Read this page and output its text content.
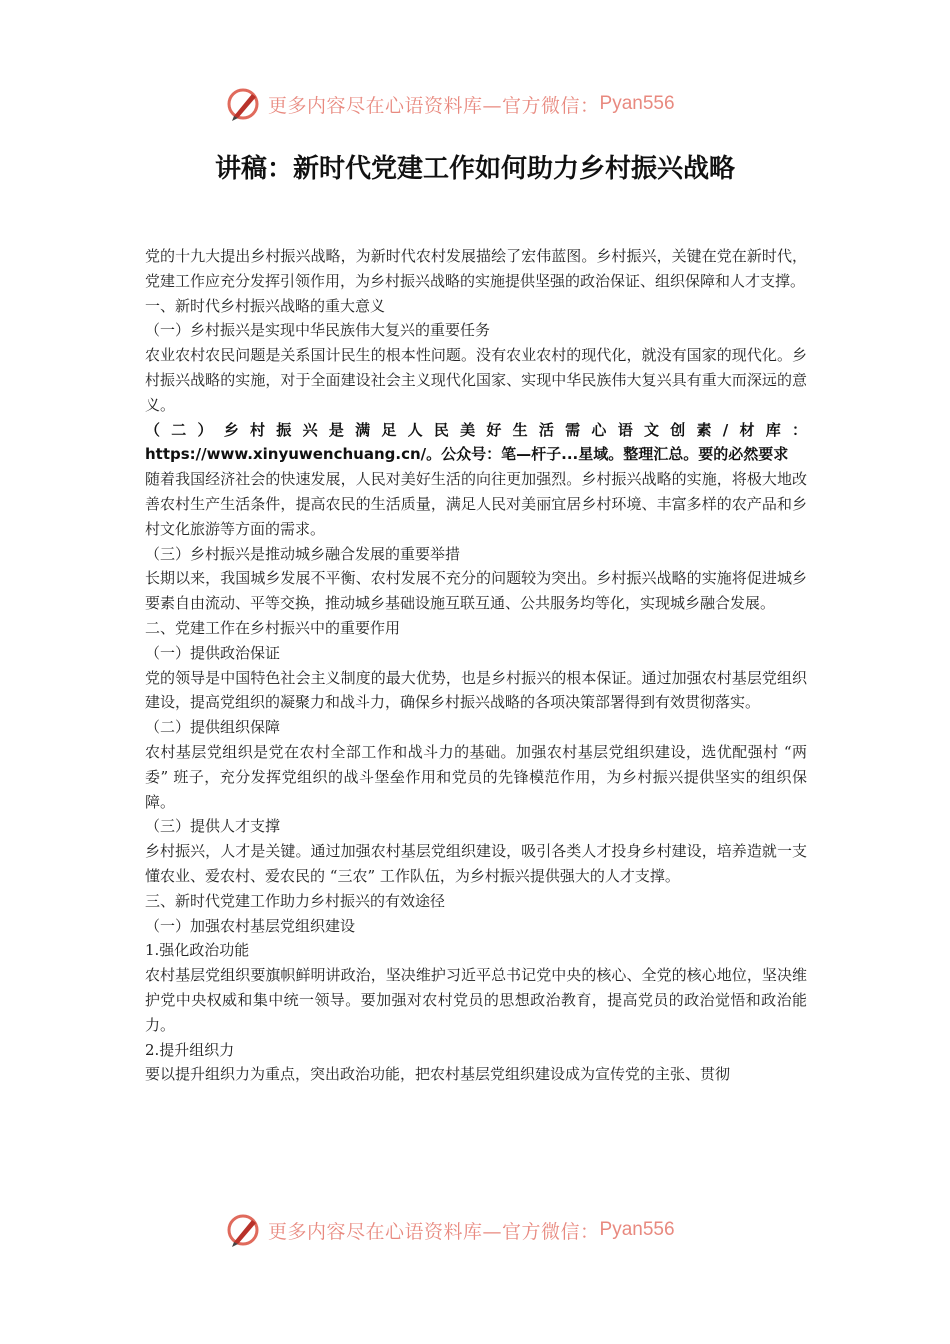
更多内容尽在心语资料库—官方微信： Pyan556
讲稿：新时代党建工作如何助力乡村振兴战略

党的十九大提出乡村振兴战略，为新时代农村发展描绘了宏伟蓝图。乡村振兴，关键在党在新时代，党建工作应充分发挥引领作用，为乡村振兴战略的实施提供坚强的政治保证、组织保障和人才支撑。

一、新时代乡村振兴战略的重大意义

（一）乡村振兴是实现中华民族伟大复兴的重要任务

农业农村农民问题是关系国计民生的根本性问题。没有农业农村的现代化，就没有国家的现代化。乡村振兴战略的实施，对于全面建设社会主义现代化国家、实现中华民族伟大复兴具有重大而深远的意义。

（二）乡村振兴是满足人民美好生活需心语文创素/材库：https://www.xinyuwenchuang.cn/。公众号：笔—杆子...星域。整理汇总。要的必然要求

随着我国经济社会的快速发展，人民对美好生活的向往更加强烈。乡村振兴战略的实施，将极大地改善农村生产生活条件，提高农民的生活质量，满足人民对美丽宜居乡村环境、丰富多样的农产品和乡村文化旅游等方面的需求。

（三）乡村振兴是推动城乡融合发展的重要举措

长期以来，我国城乡发展不平衡、农村发展不充分的问题较为突出。乡村振兴战略的实施将促进城乡要素自由流动、平等交换，推动城乡基础设施互联互通、公共服务均等化，实现城乡融合发展。

二、党建工作在乡村振兴中的重要作用

（一）提供政治保证

党的领导是中国特色社会主义制度的最大优势，也是乡村振兴的根本保证。通过加强农村基层党组织建设，提高党组织的凝聚力和战斗力，确保乡村振兴战略的各项决策部署得到有效贯彻落实。

（二）提供组织保障

农村基层党组织是党在农村全部工作和战斗力的基础。加强农村基层党组织建设，选优配强村 “两委” 班子，充分发挥党组织的战斗堡垒作用和党员的先锋模范作用，为乡村振兴提供坚实的组织保障。

（三）提供人才支撑

乡村振兴，人才是关键。通过加强农村基层党组织建设，吸引各类人才投身乡村建设，培养造就一支懂农业、爱农村、爱农民的 “三农” 工作队伍，为乡村振兴提供强大的人才支撑。

三、新时代党建工作助力乡村振兴的有效途径

（一）加强农村基层党组织建设

1.强化政治功能

农村基层党组织要旗帜鲜明讲政治，坚决维护习近平总书记党中央的核心、全党的核心地位，坚决维护党中央权威和集中统一领导。要加强对农村党员的思想政治教育，提高党员的政治觉悟和政治能力。

2.提升组织力

要以提升组织力为重点，突出政治功能，把农村基层党组织建设成为宣传党的主张、贯彻

更多内容尽在心语资料库—官方微信： Pyan556
